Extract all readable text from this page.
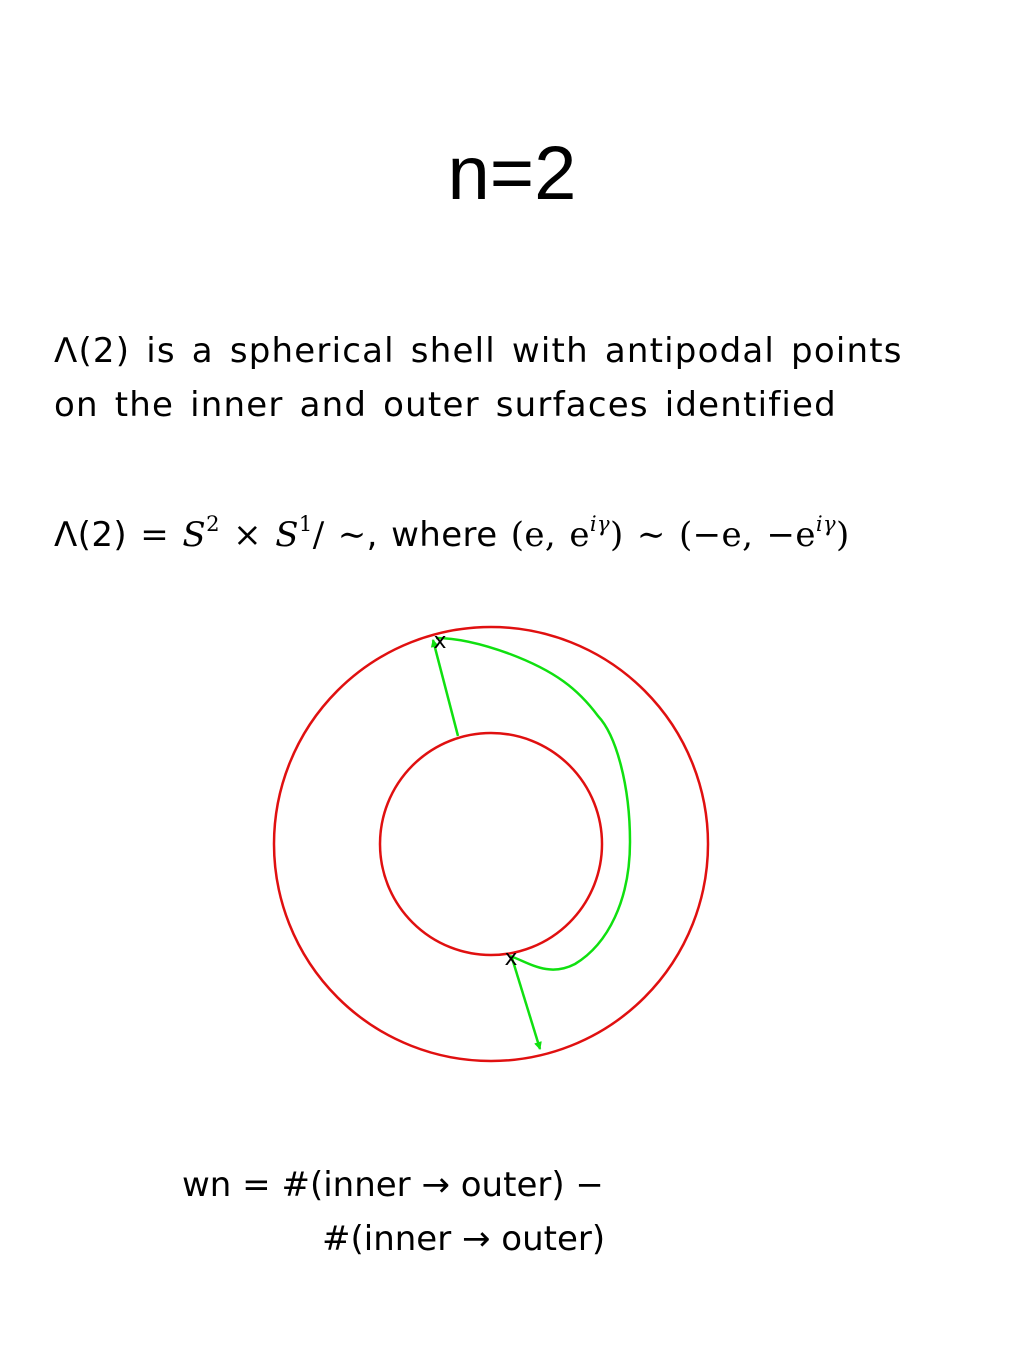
n=2
Λ(2) is a spherical shell with antipodal points
on the inner and outer surfaces identified
$\Lambda(2) = S^2 \times S^1/$ ∼, where (e, $e^{i\gamma}$) ∼ (−e, $-e^{i\gamma}$)
x
x
wn = #(inner → outer) −
#(inner → outer)
